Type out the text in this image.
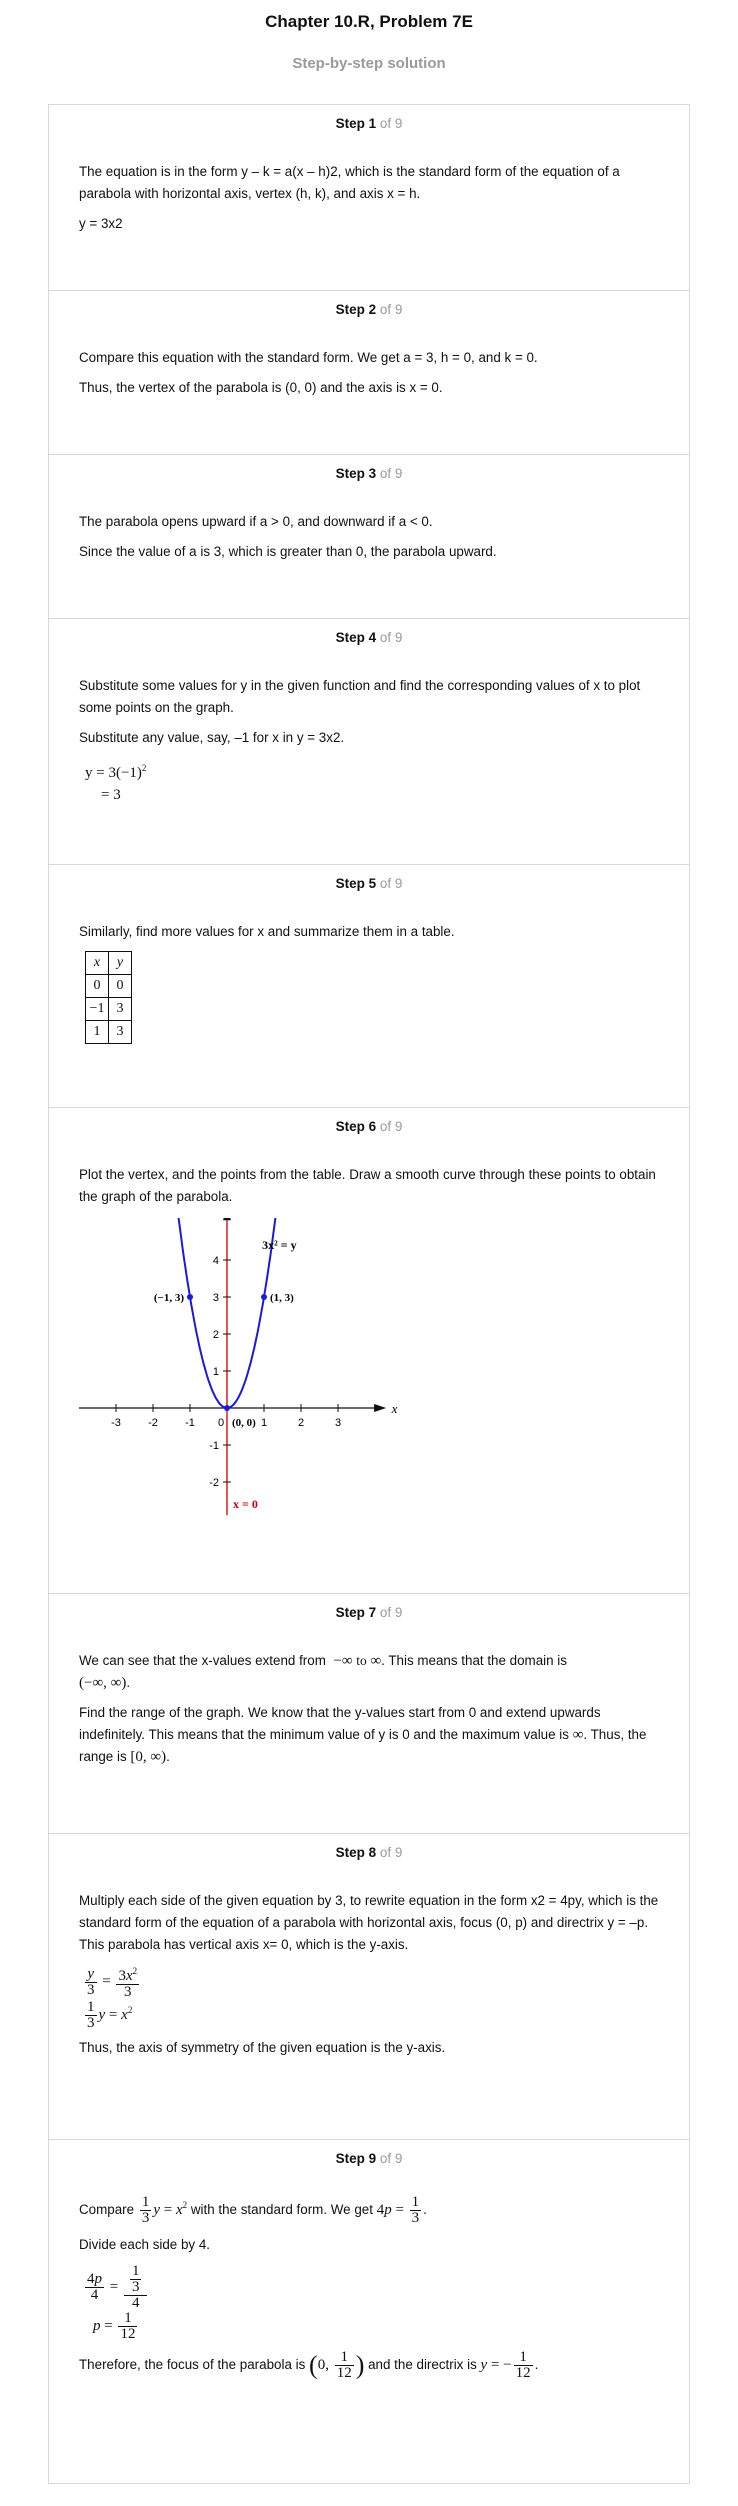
Chapter 10.R, Problem 7E
Step-by-step solution
Step 1 of 9

The equation is in the form y – k = a(x – h)2, which is the standard form of the equation of a parabola with horizontal axis, vertex (h, k), and axis x = h.

y = 3x2

Step 2 of 9

Compare this equation with the standard form. We get a = 3, h = 0, and k = 0.

Thus, the vertex of the parabola is (0, 0) and the axis is x = 0.

Step 3 of 9

The parabola opens upward if a > 0, and downward if a < 0.

Since the value of a is 3, which is greater than 0, the parabola upward.

Step 4 of 9

Substitute some values for y in the given function and find the corresponding values of x to plot some points on the graph.

Substitute any value, say, –1 for x in y = 3x2.

$y = 3(-1)^2$
= 3
Step 5 of 9

Similarly, find more values for x and summarize them in a table.

x	y
0	0
−1	3
1	3
Step 6 of 9

Plot the vertex, and the points from the table. Draw a smooth curve through these points to obtain the graph of the parabola.

-3 -2 -1	1	2	3
0
4
3
2
1
-1
-2
x
(−1, 3)	(1, 3)
(0, 0)
3x² = y
x = 0
Step 7 of 9

We can see that the x-values extend from  −∞ to ∞. This means that the domain is
(−∞, ∞).

Find the range of the graph. We know that the y-values start from 0 and extend upwards indefinitely. This means that the minimum value of y is 0 and the maximum value is ∞. Thus, the range is [0, ∞).

Step 8 of 9

Multiply each side of the given equation by 3, to rewrite equation in the form x2 = 4py, which is the standard form of the equation of a parabola with horizontal axis, focus (0, p) and directrix y = –p. This parabola has vertical axis x= 0, which is the y-axis.

$\frac{y}{3} = \frac{3x^2}{3}$
$\frac{1}{3}$ $y = x^2$

Thus, the axis of symmetry of the given equation is the y-axis.

Step 9 of 9

Compare $\frac{1}{3}$ $y = x^2$ with the standard form. We get $4p = \frac{1}{3}$ .

Divide each side by 4.

$\frac{4p}{4} = 1$
3
4
$p = \frac{1}{12}$

Therefore, the focus of the parabola is (0, $\frac{1}{12}$ ) and the directrix is y = − $\frac{1}{12}$ .
